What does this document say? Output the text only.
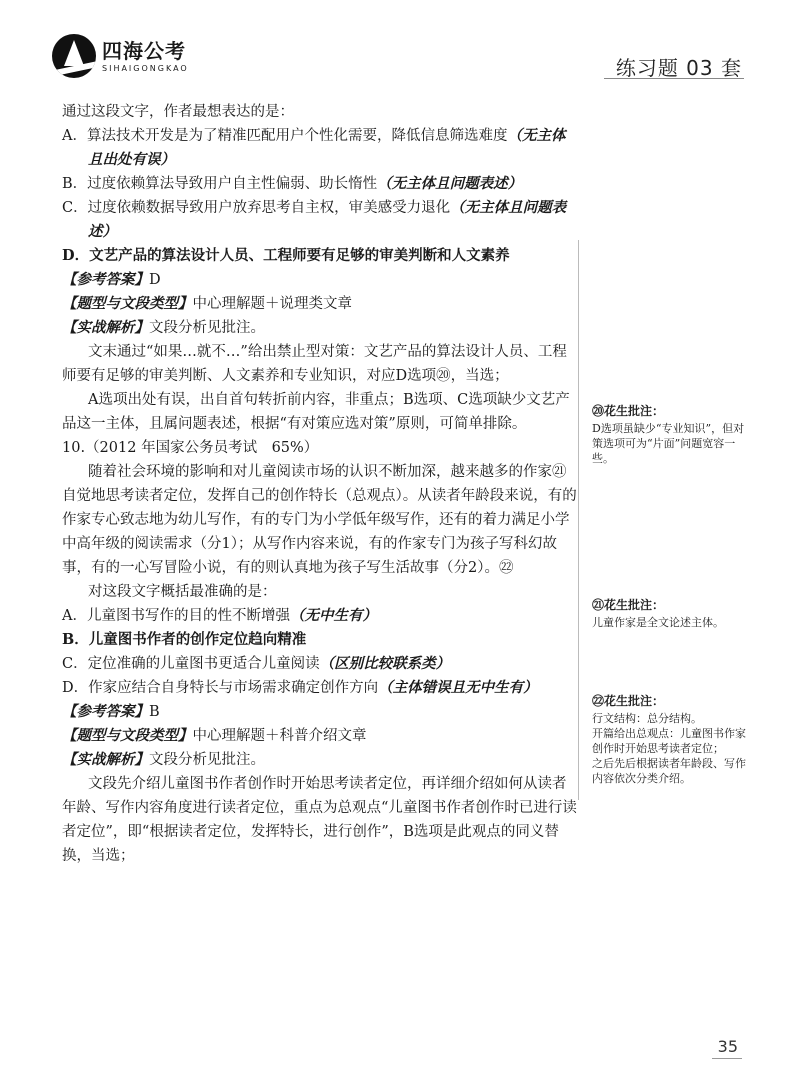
四海公考
SIHAIGONGKAO	练习题 03 套

通过这段文字，作者最想表达的是：

A．算法技术开发是为了精准匹配用户个性化需要，降低信息筛选难度（无主体且出处有误）

B．过度依赖算法导致用户自主性偏弱、助长惰性（无主体且问题表述）

C．过度依赖数据导致用户放弃思考自主权，审美感受力退化（无主体且问题表述）

D．文艺产品的算法设计人员、工程师要有足够的审美判断和人文素养

【参考答案】D

【题型与文段类型】中心理解题＋说理类文章

【实战解析】文段分析见批注。

文末通过“如果…就不…”给出禁止型对策：文艺产品的算法设计人员、工程师要有足够的审美判断、人文素养和专业知识，对应D选项⑳，当选；

A选项出处有误，出自首句转折前内容，非重点；B选项、C选项缺少文艺产品这一主体，且属问题表述，根据“有对策应选对策”原则，可简单排除。

10.（2012 年国家公务员考试　65%）

随着社会环境的影响和对儿童阅读市场的认识不断加深，越来越多的作家㉑自觉地思考读者定位，发挥自己的创作特长（总观点）。从读者年龄段来说，有的作家专心致志地为幼儿写作，有的专门为小学低年级写作，还有的着力满足小学中高年级的阅读需求（分1）；从写作内容来说，有的作家专门为孩子写科幻故事，有的一心写冒险小说，有的则认真地为孩子写生活故事（分2）。㉒

对这段文字概括最准确的是：

A．儿童图书写作的目的性不断增强（无中生有）

B．儿童图书作者的创作定位趋向精准

C．定位准确的儿童图书更适合儿童阅读（区别比较联系类）

D．作家应结合自身特长与市场需求确定创作方向（主体错误且无中生有）

【参考答案】B

【题型与文段类型】中心理解题＋科普介绍文章

【实战解析】文段分析见批注。

文段先介绍儿童图书作者创作时开始思考读者定位，再详细介绍如何从读者年龄、写作内容角度进行读者定位，重点为总观点“儿童图书作者创作时已进行读者定位”，即“根据读者定位，发挥特长，进行创作”，B选项是此观点的同义替换，当选；

⑳花生批注：

D选项虽缺少“专业知识”，但对策选项可为“片面”问题宽容一些。

㉑花生批注：

儿童作家是全文论述主体。

㉒花生批注：

行文结构：总分结构。

开篇给出总观点：儿童图书作家创作时开始思考读者定位；

之后先后根据读者年龄段、写作内容依次分类介绍。

35
